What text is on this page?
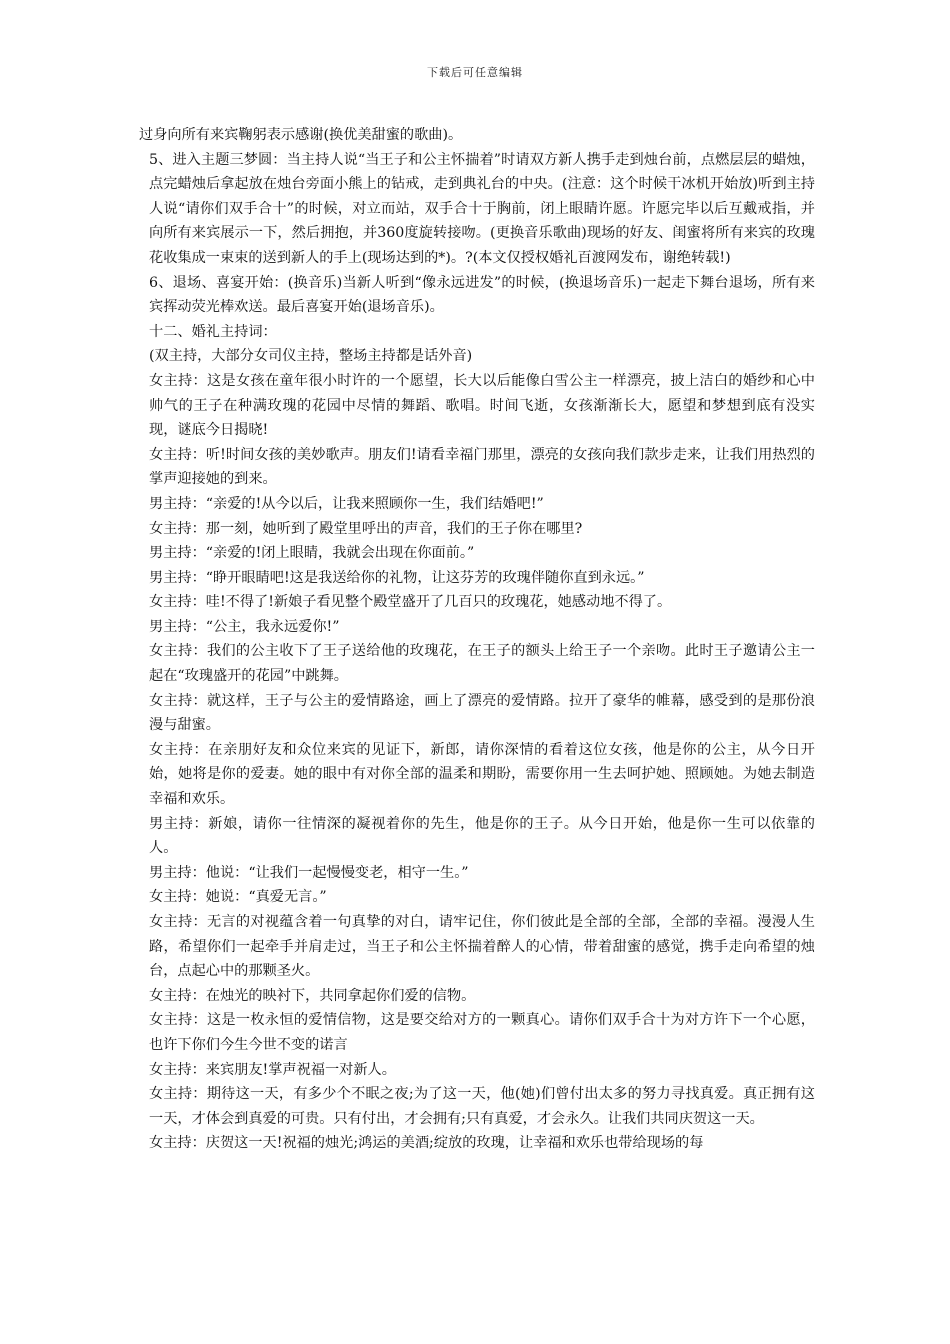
下载后可任意编辑

过身向所有来宾鞠躬表示感谢(换优美甜蜜的歌曲)。

5、进入主题三梦圆：当主持人说“当王子和公主怀揣着”时请双方新人携手走到烛台前，点燃层层的蜡烛，点完蜡烛后拿起放在烛台旁面小熊上的钻戒，走到典礼台的中央。(注意：这个时候干冰机开始放)听到主持人说“请你们双手合十”的时候，对立而站，双手合十于胸前，闭上眼睛许愿。许愿完毕以后互戴戒指，并向所有来宾展示一下，然后拥抱，并360度旋转接吻。(更换音乐歌曲)现场的好友、闺蜜将所有来宾的玫瑰花收集成一束束的送到新人的手上(现场达到的*)。?(本文仅授权婚礼百渡网发布，谢绝转载!)

6、退场、喜宴开始：(换音乐)当新人听到“像永远进发”的时候，(换退场音乐)一起走下舞台退场，所有来宾挥动荧光棒欢送。最后喜宴开始(退场音乐)。

十二、婚礼主持词：

(双主持，大部分女司仪主持，整场主持都是话外音)

女主持：这是女孩在童年很小时许的一个愿望，长大以后能像白雪公主一样漂亮，披上洁白的婚纱和心中帅气的王子在种满玫瑰的花园中尽情的舞蹈、歌唱。时间飞逝，女孩渐渐长大，愿望和梦想到底有没实现，谜底今日揭晓!

女主持：听!时间女孩的美妙歌声。朋友们!请看幸福门那里，漂亮的女孩向我们款步走来，让我们用热烈的掌声迎接她的到来。

男主持：“亲爱的!从今以后，让我来照顾你一生，我们结婚吧!”

女主持：那一刻，她听到了殿堂里呼出的声音，我们的王子你在哪里?

男主持：“亲爱的!闭上眼睛，我就会出现在你面前。”

男主持：“睁开眼睛吧!这是我送给你的礼物，让这芬芳的玫瑰伴随你直到永远。”

女主持：哇!不得了!新娘子看见整个殿堂盛开了几百只的玫瑰花，她感动地不得了。

男主持：“公主，我永远爱你!”

女主持：我们的公主收下了王子送给他的玫瑰花，在王子的额头上给王子一个亲吻。此时王子邀请公主一起在“玫瑰盛开的花园”中跳舞。

女主持：就这样，王子与公主的爱情路途，画上了漂亮的爱情路。拉开了豪华的帷幕，感受到的是那份浪漫与甜蜜。

女主持：在亲朋好友和众位来宾的见证下，新郎，请你深情的看着这位女孩，他是你的公主，从今日开始，她将是你的爱妻。她的眼中有对你全部的温柔和期盼，需要你用一生去呵护她、照顾她。为她去制造幸福和欢乐。

男主持：新娘，请你一往情深的凝视着你的先生，他是你的王子。从今日开始，他是你一生可以依靠的人。

男主持：他说：“让我们一起慢慢变老，相守一生。”

女主持：她说：“真爱无言。”

女主持：无言的对视蕴含着一句真挚的对白，请牢记住，你们彼此是全部的全部，全部的幸福。漫漫人生路，希望你们一起牵手并肩走过，当王子和公主怀揣着醉人的心情，带着甜蜜的感觉，携手走向希望的烛台，点起心中的那颗圣火。

女主持：在烛光的映衬下，共同拿起你们爱的信物。

女主持：这是一枚永恒的爱情信物，这是要交给对方的一颗真心。请你们双手合十为对方许下一个心愿，也许下你们今生今世不变的诺言

女主持：来宾朋友!掌声祝福一对新人。

女主持：期待这一天，有多少个不眠之夜;为了这一天，他(她)们曾付出太多的努力寻找真爱。真正拥有这一天，才体会到真爱的可贵。只有付出，才会拥有;只有真爱，才会永久。让我们共同庆贺这一天。

女主持：庆贺这一天!祝福的烛光;鸿运的美酒;绽放的玫瑰，让幸福和欢乐也带给现场的每
